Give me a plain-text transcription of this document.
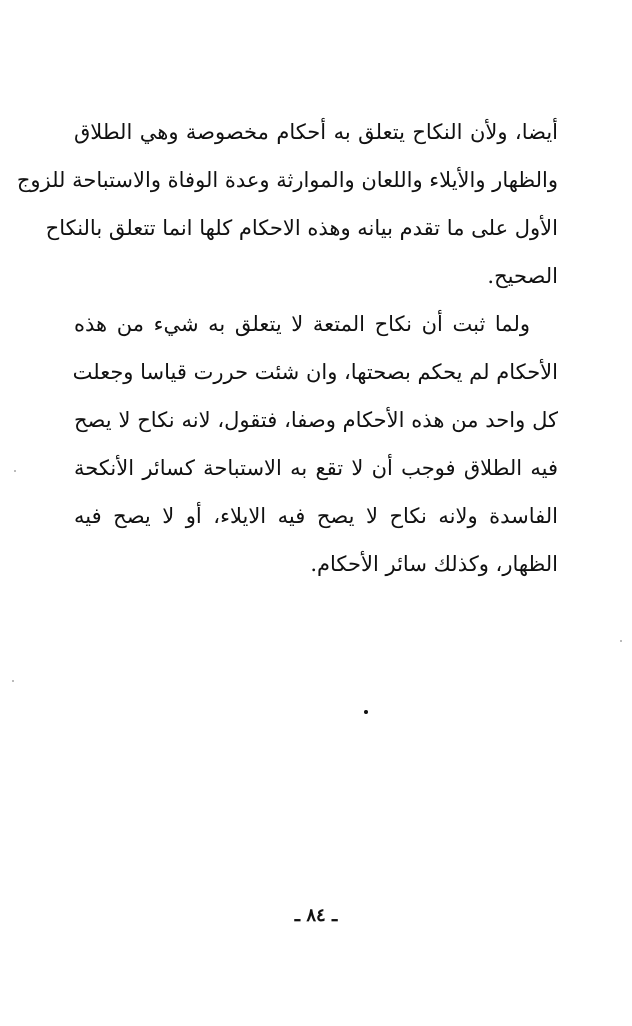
أيضا، ولأن النكاح يتعلق به أحكام مخصوصة وهي الطلاق
والظهار والأيلاء واللعان والموارثة وعدة الوفاة والاستباحة للزوج
الأول على ما تقدم بيانه وهذه الاحكام كلها انما تتعلق بالنكاح
الصحيح.
ولما ثبت أن نكاح المتعة لا يتعلق به شيء من هذه
الأحكام لم يحكم بصحتها، وان شئت حررت قياسا وجعلت
كل واحد من هذه الأحكام وصفا، فتقول، لانه نكاح لا يصح
فيه الطلاق فوجب أن لا تقع به الاستباحة كسائر الأنكحة
الفاسدة ولانه نكاح لا يصح فيه الايلاء، أو لا يصح فيه
الظهار، وكذلك سائر الأحكام.
ـ ٨٤ ـ
